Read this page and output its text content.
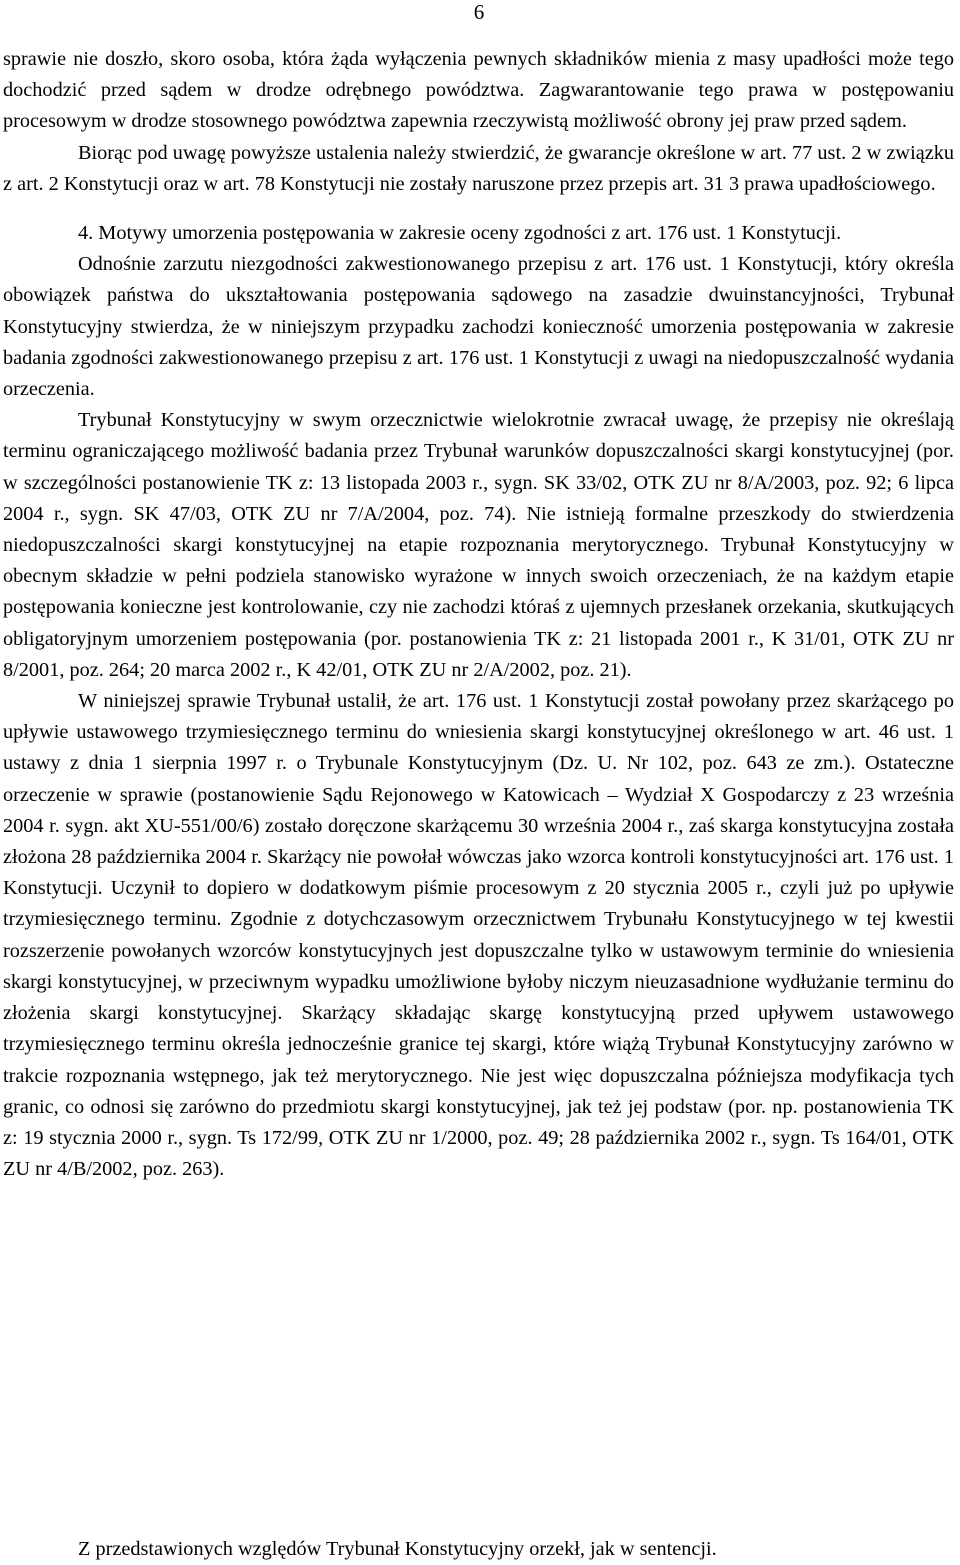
6

sprawie nie doszło, skoro osoba, która żąda wyłączenia pewnych składników mienia z masy upadłości może tego dochodzić przed sądem w drodze odrębnego powództwa. Zagwarantowanie tego prawa w postępowaniu procesowym w drodze stosownego powództwa zapewnia rzeczywistą możliwość obrony jej praw przed sądem.

Biorąc pod uwagę powyższe ustalenia należy stwierdzić, że gwarancje określone w art. 77 ust. 2 w związku z art. 2 Konstytucji oraz w art. 78 Konstytucji nie zostały naruszone przez przepis art. 31 3 prawa upadłościowego.

4. Motywy umorzenia postępowania w zakresie oceny zgodności z art. 176 ust. 1 Konstytucji.

Odnośnie zarzutu niezgodności zakwestionowanego przepisu z art. 176 ust. 1 Konstytucji, który określa obowiązek państwa do ukształtowania postępowania sądowego na zasadzie dwuinstancyjności, Trybunał Konstytucyjny stwierdza, że w niniejszym przypadku zachodzi konieczność umorzenia postępowania w zakresie badania zgodności zakwestionowanego przepisu z art. 176 ust. 1 Konstytucji z uwagi na niedopuszczalność wydania orzeczenia.

Trybunał Konstytucyjny w swym orzecznictwie wielokrotnie zwracał uwagę, że przepisy nie określają terminu ograniczającego możliwość badania przez Trybunał warunków dopuszczalności skargi konstytucyjnej (por. w szczególności postanowienie TK z: 13 listopada 2003 r., sygn. SK 33/02, OTK ZU nr 8/A/2003, poz. 92; 6 lipca 2004 r., sygn. SK 47/03, OTK ZU nr 7/A/2004, poz. 74). Nie istnieją formalne przeszkody do stwierdzenia niedopuszczalności skargi konstytucyjnej na etapie rozpoznania merytorycznego. Trybunał Konstytucyjny w obecnym składzie w pełni podziela stanowisko wyrażone w innych swoich orzeczeniach, że na każdym etapie postępowania konieczne jest kontrolowanie, czy nie zachodzi któraś z ujemnych przesłanek orzekania, skutkujących obligatoryjnym umorzeniem postępowania (por. postanowienia TK z: 21 listopada 2001 r., K 31/01, OTK ZU nr 8/2001, poz. 264; 20 marca 2002 r., K 42/01, OTK ZU nr 2/A/2002, poz. 21).

W niniejszej sprawie Trybunał ustalił, że art. 176 ust. 1 Konstytucji został powołany przez skarżącego po upływie ustawowego trzymiesięcznego terminu do wniesienia skargi konstytucyjnej określonego w art. 46 ust. 1 ustawy z dnia 1 sierpnia 1997 r. o Trybunale Konstytucyjnym (Dz. U. Nr 102, poz. 643 ze zm.). Ostateczne orzeczenie w sprawie (postanowienie Sądu Rejonowego w Katowicach – Wydział X Gospodarczy z 23 września 2004 r. sygn. akt XU-551/00/6) zostało doręczone skarżącemu 30 września 2004 r., zaś skarga konstytucyjna została złożona 28 października 2004 r. Skarżący nie powołał wówczas jako wzorca kontroli konstytucyjności art. 176 ust. 1 Konstytucji. Uczynił to dopiero w dodatkowym piśmie procesowym z 20 stycznia 2005 r., czyli już po upływie trzymiesięcznego terminu. Zgodnie z dotychczasowym orzecznictwem Trybunału Konstytucyjnego w tej kwestii rozszerzenie powołanych wzorców konstytucyjnych jest dopuszczalne tylko w ustawowym terminie do wniesienia skargi konstytucyjnej, w przeciwnym wypadku umożliwione byłoby niczym nieuzasadnione wydłużanie terminu do złożenia skargi konstytucyjnej. Skarżący składając skargę konstytucyjną przed upływem ustawowego trzymiesięcznego terminu określa jednocześnie granice tej skargi, które wiążą Trybunał Konstytucyjny zarówno w trakcie rozpoznania wstępnego, jak też merytorycznego. Nie jest więc dopuszczalna późniejsza modyfikacja tych granic, co odnosi się zarówno do przedmiotu skargi konstytucyjnej, jak też jej podstaw (por. np. postanowienia TK z: 19 stycznia 2000 r., sygn. Ts 172/99, OTK ZU nr 1/2000, poz. 49; 28 października 2002 r., sygn. Ts 164/01, OTK ZU nr 4/B/2002, poz. 263).

Z przedstawionych względów Trybunał Konstytucyjny orzekł, jak w sentencji.
